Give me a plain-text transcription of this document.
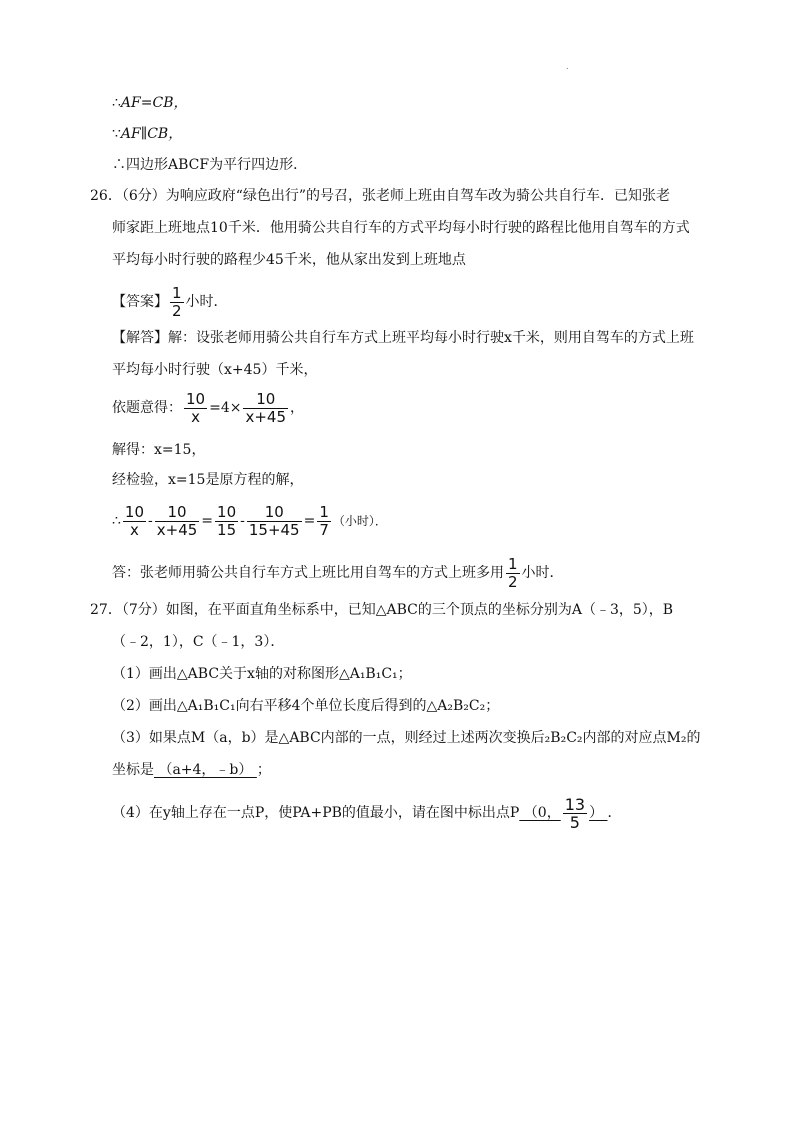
.
∴AF=CB，
∵AF∥CB，
∴四边形ABCF为平行四边形．
26．（6分）为响应政府“绿色出行”的号召，张老师上班由自驾车改为骑公共自行车．已知张老
师家距上班地点10千米．他用骑公共自行车的方式平均每小时行驶的路程比他用自驾车的方式
平均每小时行驶的路程少45千米，他从家出发到上班地点
【答案】 $\frac{1}{2}$ 小时．
【解答】解：设张老师用骑公共自行车方式上班平均每小时行驶x千米，则用自驾车的方式上班
平均每小时行驶（x+45）千米，
依题意得： $\frac{10}{x} =4\times \frac{10}{x+45}$ ，
解得：x=15，
经检验，x=15是原方程的解，
∴ $\frac{10}{x} - \frac{10}{x+45} = \frac{10}{15} - \frac{10}{15+45} = \frac{1}{7}$ （小时）．
答：张老师用骑公共自行车方式上班比用自驾车的方式上班多用 $\frac{1}{2}$ 小时．
27．（7分）如图，在平面直角坐标系中，已知△ABC的三个顶点的坐标分别为A（﹣3，5），B
（﹣2，1），C（﹣1，3）．
（1）画出△ABC关于x轴的对称图形△A₁B₁C₁；
（2）画出△A₁B₁C₁向右平移4个单位长度后得到的△A₂B₂C₂；
（3）如果点M（a，b）是△ABC内部的一点，则经过上述两次变换后₂B₂C₂内部的对应点M₂的
坐标是 （a+4，﹣b） ；
（4）在y轴上存在一点P，使PA+PB的值最小，请在图中标出点P （0， $\frac{13}{5}$ ） ．
